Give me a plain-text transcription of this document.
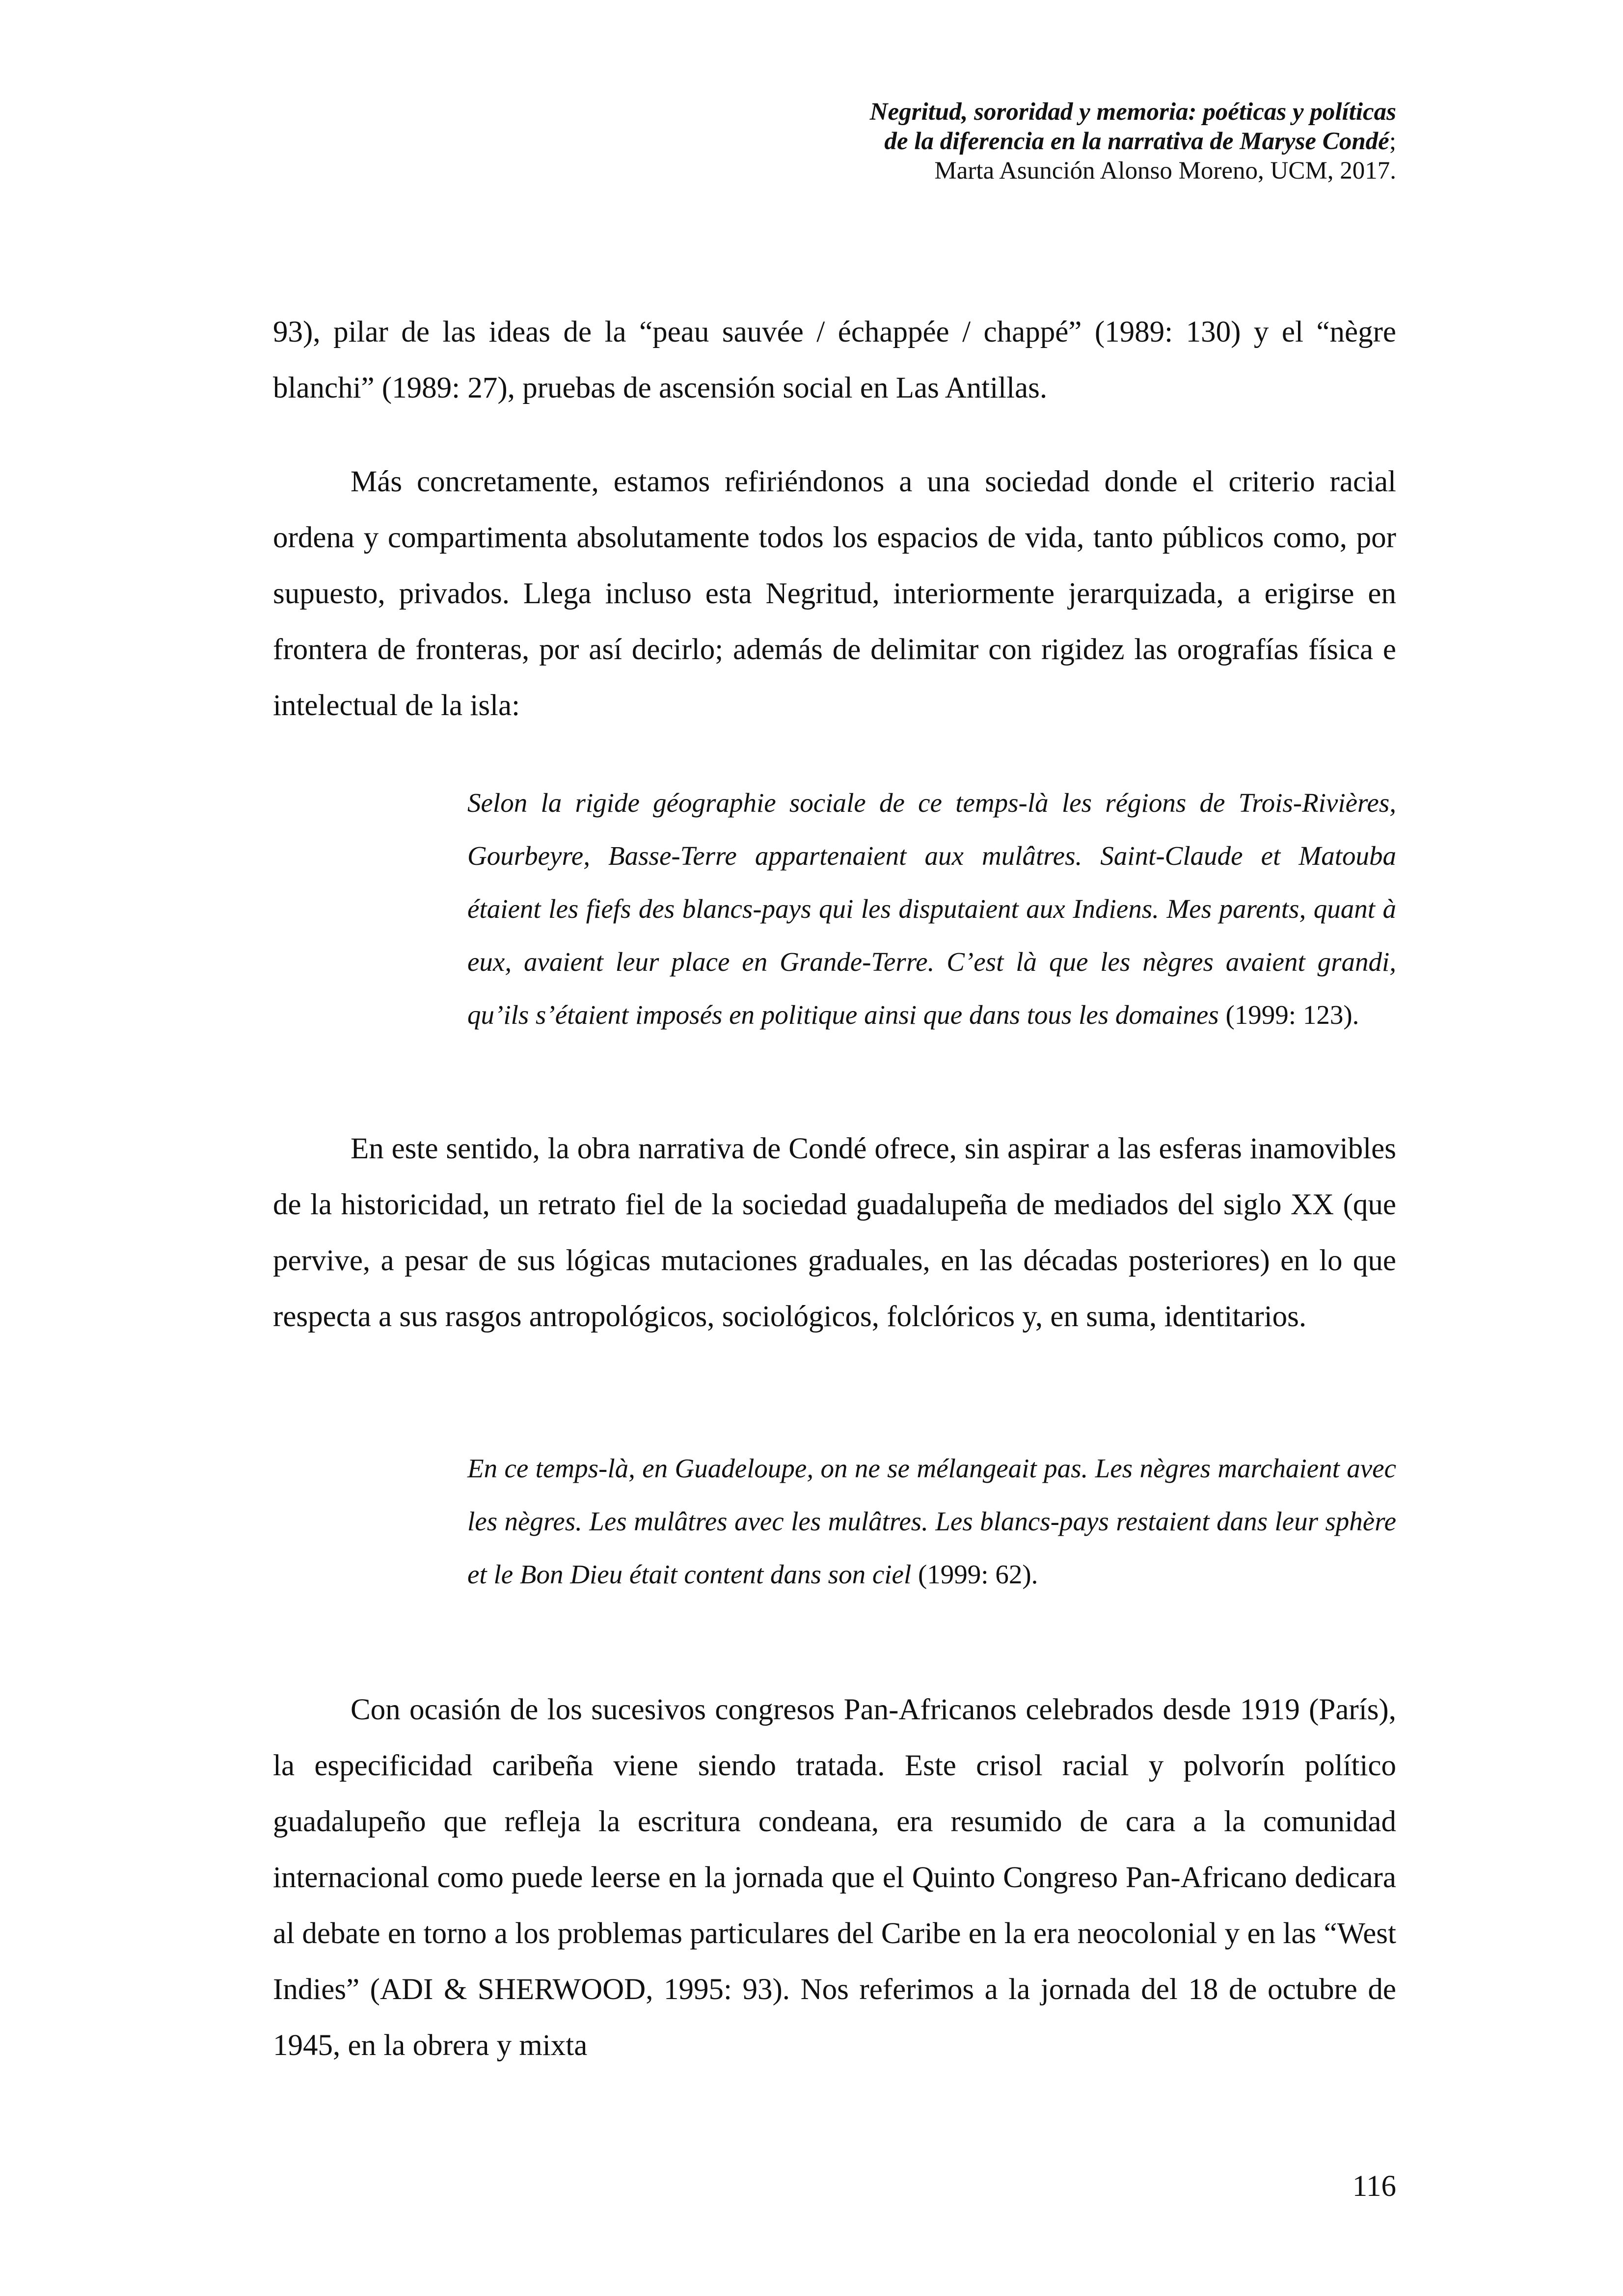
Negritud, sororidad y memoria: poéticas y políticas
de la diferencia en la narrativa de Maryse Condé;
Marta Asunción Alonso Moreno, UCM, 2017.

93), pilar de las ideas de la “peau sauvée / échappée / chappé” (1989: 130) y el “nègre blanchi” (1989: 27), pruebas de ascensión social en Las Antillas.

Más concretamente, estamos refiriéndonos a una sociedad donde el criterio racial ordena y compartimenta absolutamente todos los espacios de vida, tanto públicos como, por supuesto, privados. Llega incluso esta Negritud, interiormente jerarquizada, a erigirse en frontera de fronteras, por así decirlo; además de delimitar con rigidez las orografías física e intelectual de la isla:

Selon la rigide géographie sociale de ce temps-là les régions de Trois-Rivières, Gourbeyre, Basse-Terre appartenaient aux mulâtres. Saint-Claude et Matouba étaient les fiefs des blancs-pays qui les disputaient aux Indiens. Mes parents, quant à eux, avaient leur place en Grande-Terre. C’est là que les nègres avaient grandi, qu’ils s’étaient imposés en politique ainsi que dans tous les domaines (1999: 123).

En este sentido, la obra narrativa de Condé ofrece, sin aspirar a las esferas inamovibles de la historicidad, un retrato fiel de la sociedad guadalupeña de mediados del siglo XX (que pervive, a pesar de sus lógicas mutaciones graduales, en las décadas posteriores) en lo que respecta a sus rasgos antropológicos, sociológicos, folclóricos y, en suma, identitarios.

En ce temps-là, en Guadeloupe, on ne se mélangeait pas. Les nègres marchaient avec les nègres. Les mulâtres avec les mulâtres. Les blancs-pays restaient dans leur sphère et le Bon Dieu était content dans son ciel (1999: 62).

Con ocasión de los sucesivos congresos Pan-Africanos celebrados desde 1919 (París), la especificidad caribeña viene siendo tratada. Este crisol racial y polvorín político guadalupeño que refleja la escritura condeana, era resumido de cara a la comunidad internacional como puede leerse en la jornada que el Quinto Congreso Pan-Africano dedicara al debate en torno a los problemas particulares del Caribe en la era neocolonial y en las “West Indies” (ADI & SHERWOOD, 1995: 93). Nos referimos a la jornada del 18 de octubre de 1945, en la obrera y mixta

116
